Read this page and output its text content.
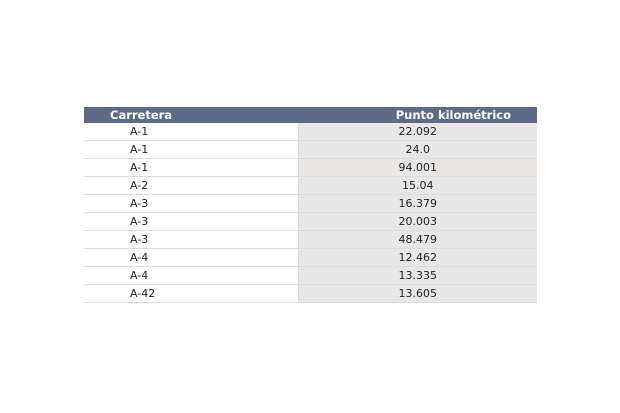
Carretera	Punto kilométrico
A-1	22.092
A-1	24.0
A-1	94.001
A-2	15.04
A-3	16.379
A-3	20.003
A-3	48.479
A-4	12.462
A-4	13.335
A-42	13.605
